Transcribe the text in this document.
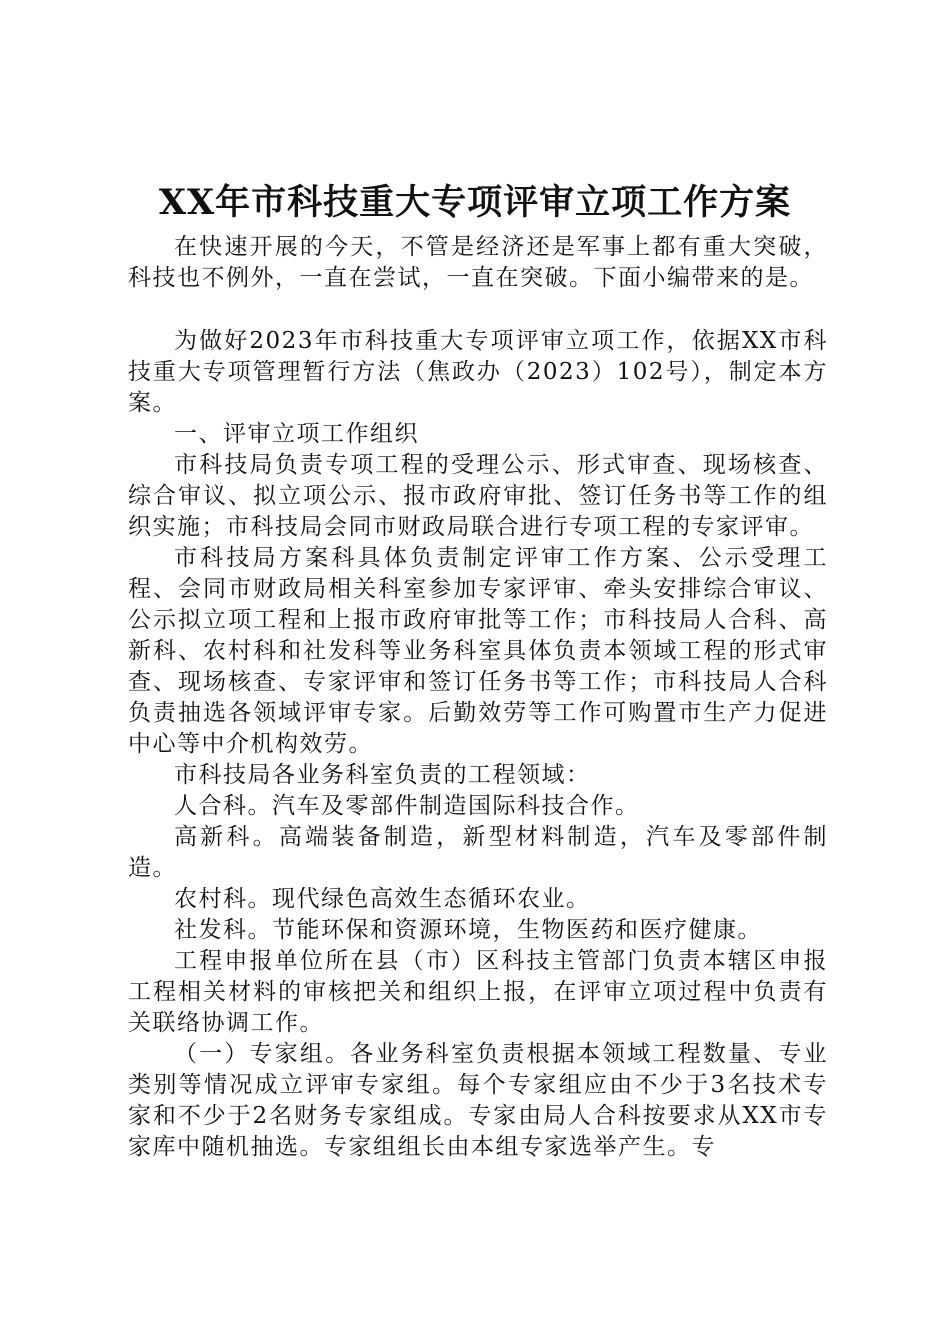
XX年市科技重大专项评审立项工作方案

在快速开展的今天，不管是经济还是军事上都有重大突破，科技也不例外，一直在尝试，一直在突破。下面小编带来的是。

为做好2023年市科技重大专项评审立项工作，依据XX市科技重大专项管理暂行方法（焦政办（2023）102号），制定本方案。

一、评审立项工作组织

市科技局负责专项工程的受理公示、形式审查、现场核查、综合审议、拟立项公示、报市政府审批、签订任务书等工作的组织实施；市科技局会同市财政局联合进行专项工程的专家评审。

市科技局方案科具体负责制定评审工作方案、公示受理工程、会同市财政局相关科室参加专家评审、牵头安排综合审议、公示拟立项工程和上报市政府审批等工作；市科技局人合科、高新科、农村科和社发科等业务科室具体负责本领域工程的形式审查、现场核查、专家评审和签订任务书等工作；市科技局人合科负责抽选各领域评审专家。后勤效劳等工作可购置市生产力促进中心等中介机构效劳。

市科技局各业务科室负责的工程领域：

人合科。汽车及零部件制造国际科技合作。

高新科。高端装备制造，新型材料制造，汽车及零部件制造。

农村科。现代绿色高效生态循环农业。

社发科。节能环保和资源环境，生物医药和医疗健康。

工程申报单位所在县（市）区科技主管部门负责本辖区申报工程相关材料的审核把关和组织上报，在评审立项过程中负责有关联络协调工作。

（一）专家组。各业务科室负责根据本领域工程数量、专业类别等情况成立评审专家组。每个专家组应由不少于3名技术专家和不少于2名财务专家组成。专家由局人合科按要求从XX市专家库中随机抽选。专家组组长由本组专家选举产生。专
